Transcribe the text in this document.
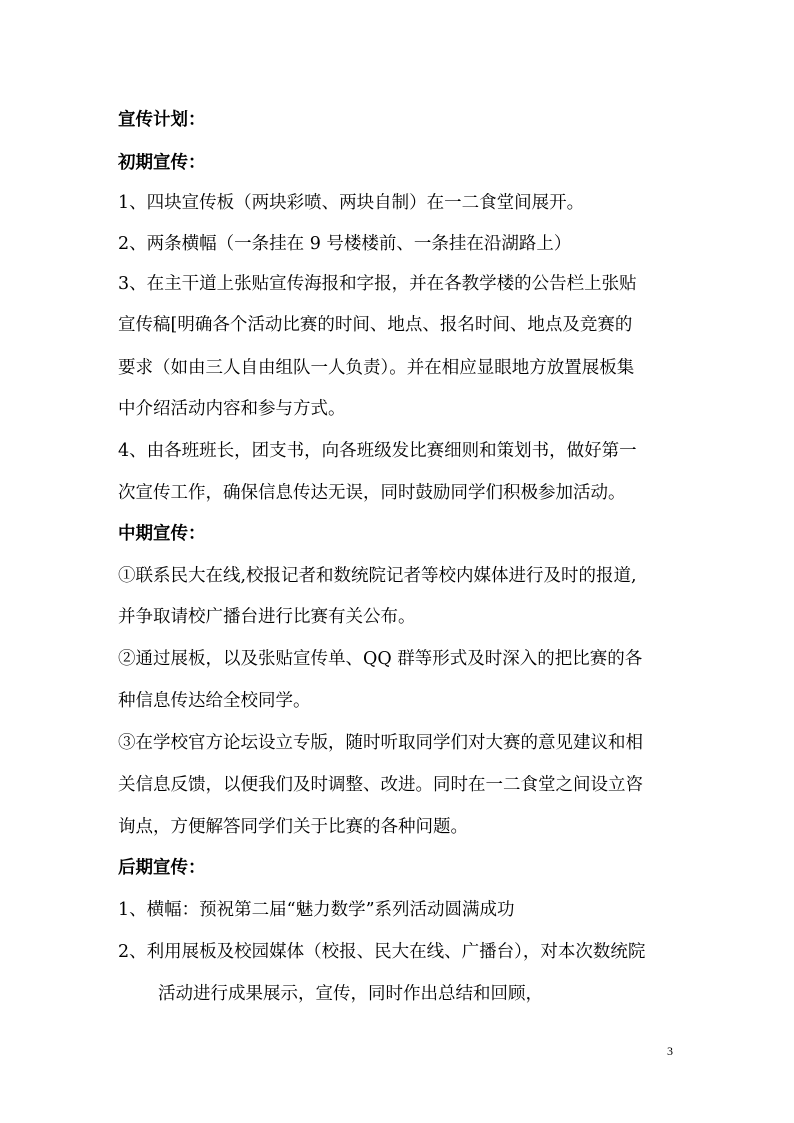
宣传计划：
初期宣传：
1、四块宣传板（两块彩喷、两块自制）在一二食堂间展开。
2、两条横幅（一条挂在 9 号楼楼前、一条挂在沿湖路上）
3、在主干道上张贴宣传海报和字报，并在各教学楼的公告栏上张贴
宣传稿[明确各个活动比赛的时间、地点、报名时间、地点及竞赛的
要求（如由三人自由组队一人负责）。并在相应显眼地方放置展板集
中介绍活动内容和参与方式。
4、由各班班长，团支书，向各班级发比赛细则和策划书，做好第一
次宣传工作，确保信息传达无误，同时鼓励同学们积极参加活动。
中期宣传：
①联系民大在线,校报记者和数统院记者等校内媒体进行及时的报道,
并争取请校广播台进行比赛有关公布。
②通过展板，以及张贴宣传单、QQ 群等形式及时深入的把比赛的各
种信息传达给全校同学。
③在学校官方论坛设立专版，随时听取同学们对大赛的意见建议和相
关信息反馈，以便我们及时调整、改进。同时在一二食堂之间设立咨
询点，方便解答同学们关于比赛的各种问题。
后期宣传：
1、横幅：预祝第二届“魅力数学”系列活动圆满成功
2、利用展板及校园媒体（校报、民大在线、广播台），对本次数统院
活动进行成果展示，宣传，同时作出总结和回顾，
3
